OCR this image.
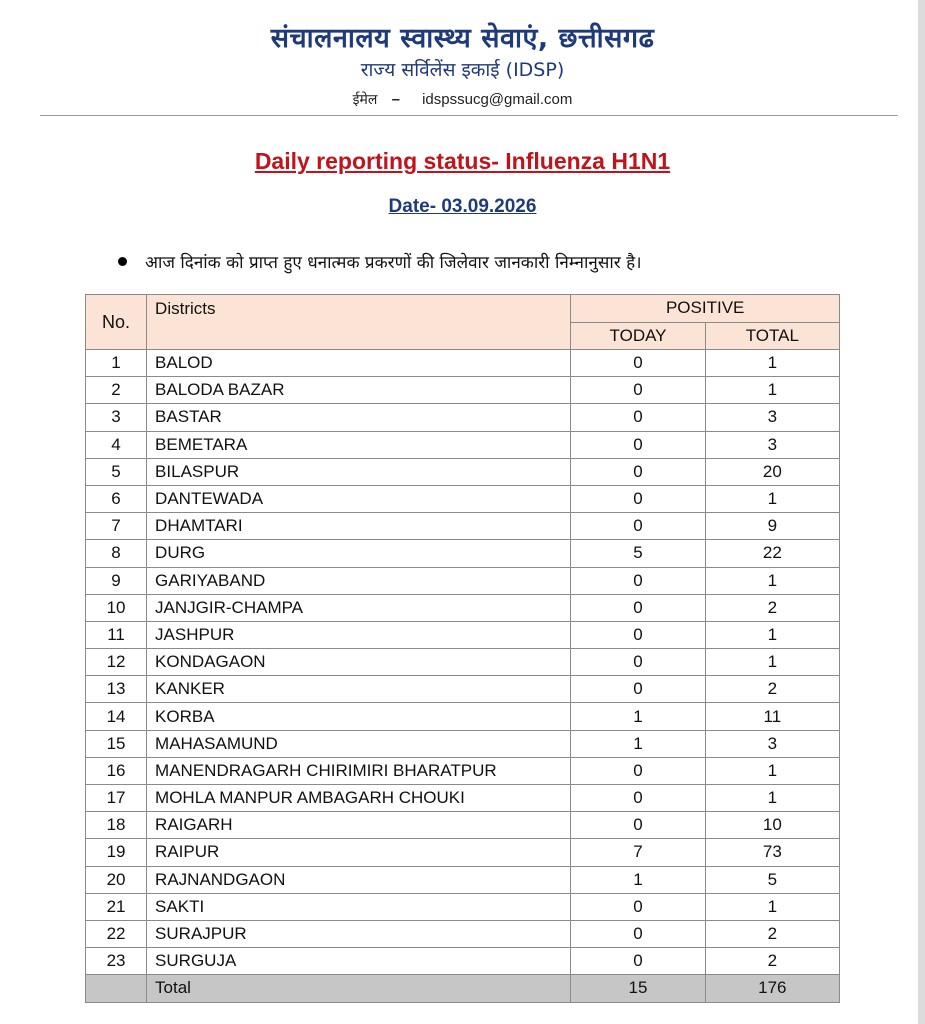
संचालनालय स्वास्थ्य सेवाएं, छत्तीसगढ
राज्य सर्विलेंस इकाई (IDSP)
ईमेल – idspssucg@gmail.com
Daily reporting status- Influenza H1N1
Date- 03.09.2026
आज दिनांक को प्राप्त हुए धनात्मक प्रकरणों की जिलेवार जानकारी निम्नानुसार है।
No.	Districts	POSITIVE	
		TODAY	TOTAL
1	BALOD	0	1
2	BALODA BAZAR	0	1
3	BASTAR	0	3
4	BEMETARA	0	3
5	BILASPUR	0	20
6	DANTEWADA	0	1
7	DHAMTARI	0	9
8	DURG	5	22
9	GARIYABAND	0	1
10	JANJGIR-CHAMPA	0	2
11	JASHPUR	0	1
12	KONDAGAON	0	1
13	KANKER	0	2
14	KORBA	1	11
15	MAHASAMUND	1	3
16	MANENDRAGARH CHIRIMIRI BHARATPUR	0	1
17	MOHLA MANPUR AMBAGARH CHOUKI	0	1
18	RAIGARH	0	10
19	RAIPUR	7	73
20	RAJNANDGAON	1	5
21	SAKTI	0	1
22	SURAJPUR	0	2
23	SURGUJA	0	2
	Total	15	176
